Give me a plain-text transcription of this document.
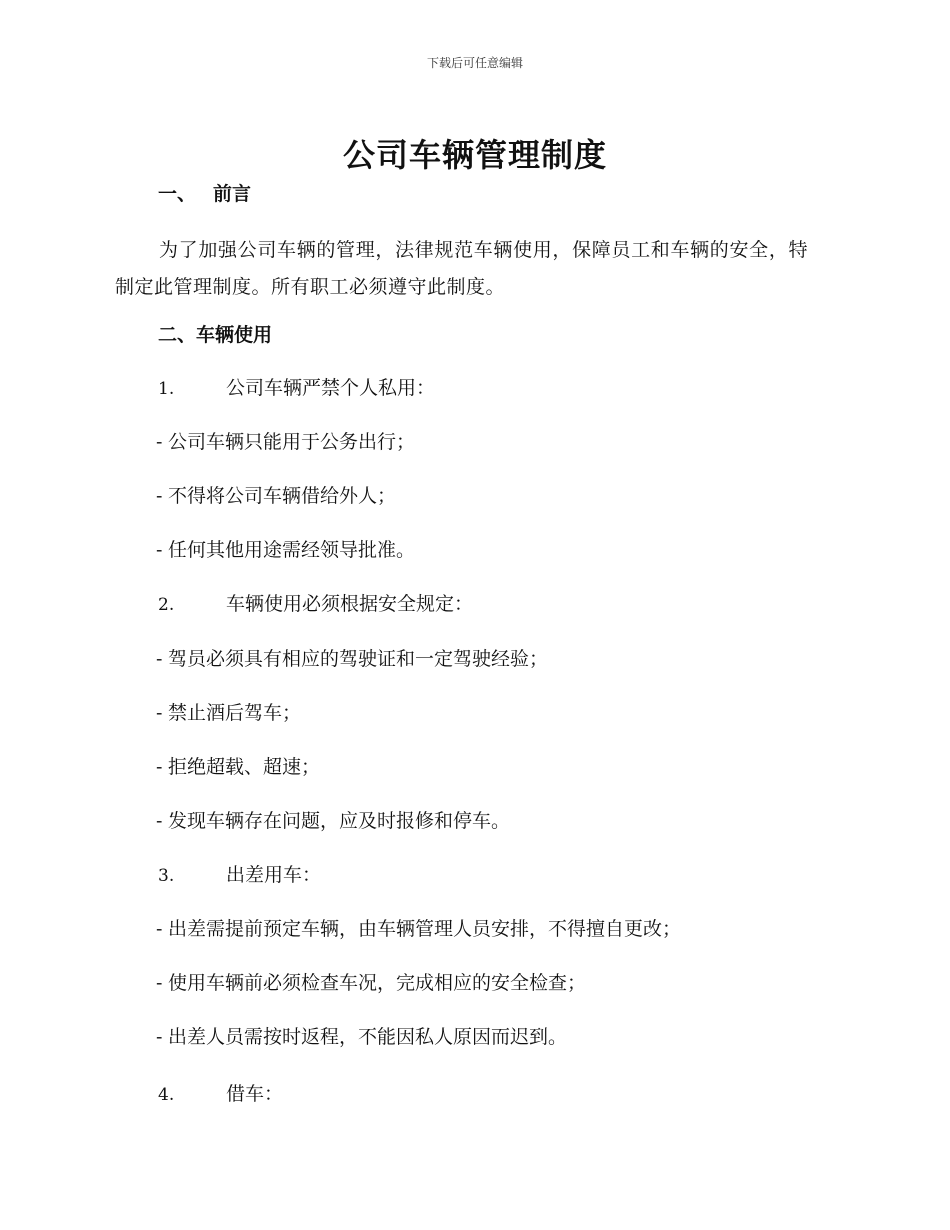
下载后可任意编辑
公司车辆管理制度
一、 前言

为了加强公司车辆的管理，法律规范车辆使用，保障员工和车辆的安全，特制定此管理制度。所有职工必须遵守此制度。

二、车辆使用
1.	公司车辆严禁个人私用：
- 公司车辆只能用于公务出行；
- 不得将公司车辆借给外人；
- 任何其他用途需经领导批准。
2.	车辆使用必须根据安全规定：
- 驾员必须具有相应的驾驶证和一定驾驶经验；
- 禁止酒后驾车；
- 拒绝超载、超速；
- 发现车辆存在问题，应及时报修和停车。
3.	出差用车：
- 出差需提前预定车辆，由车辆管理人员安排，不得擅自更改；
- 使用车辆前必须检查车况，完成相应的安全检查；
- 出差人员需按时返程，不能因私人原因而迟到。
4.	借车：
